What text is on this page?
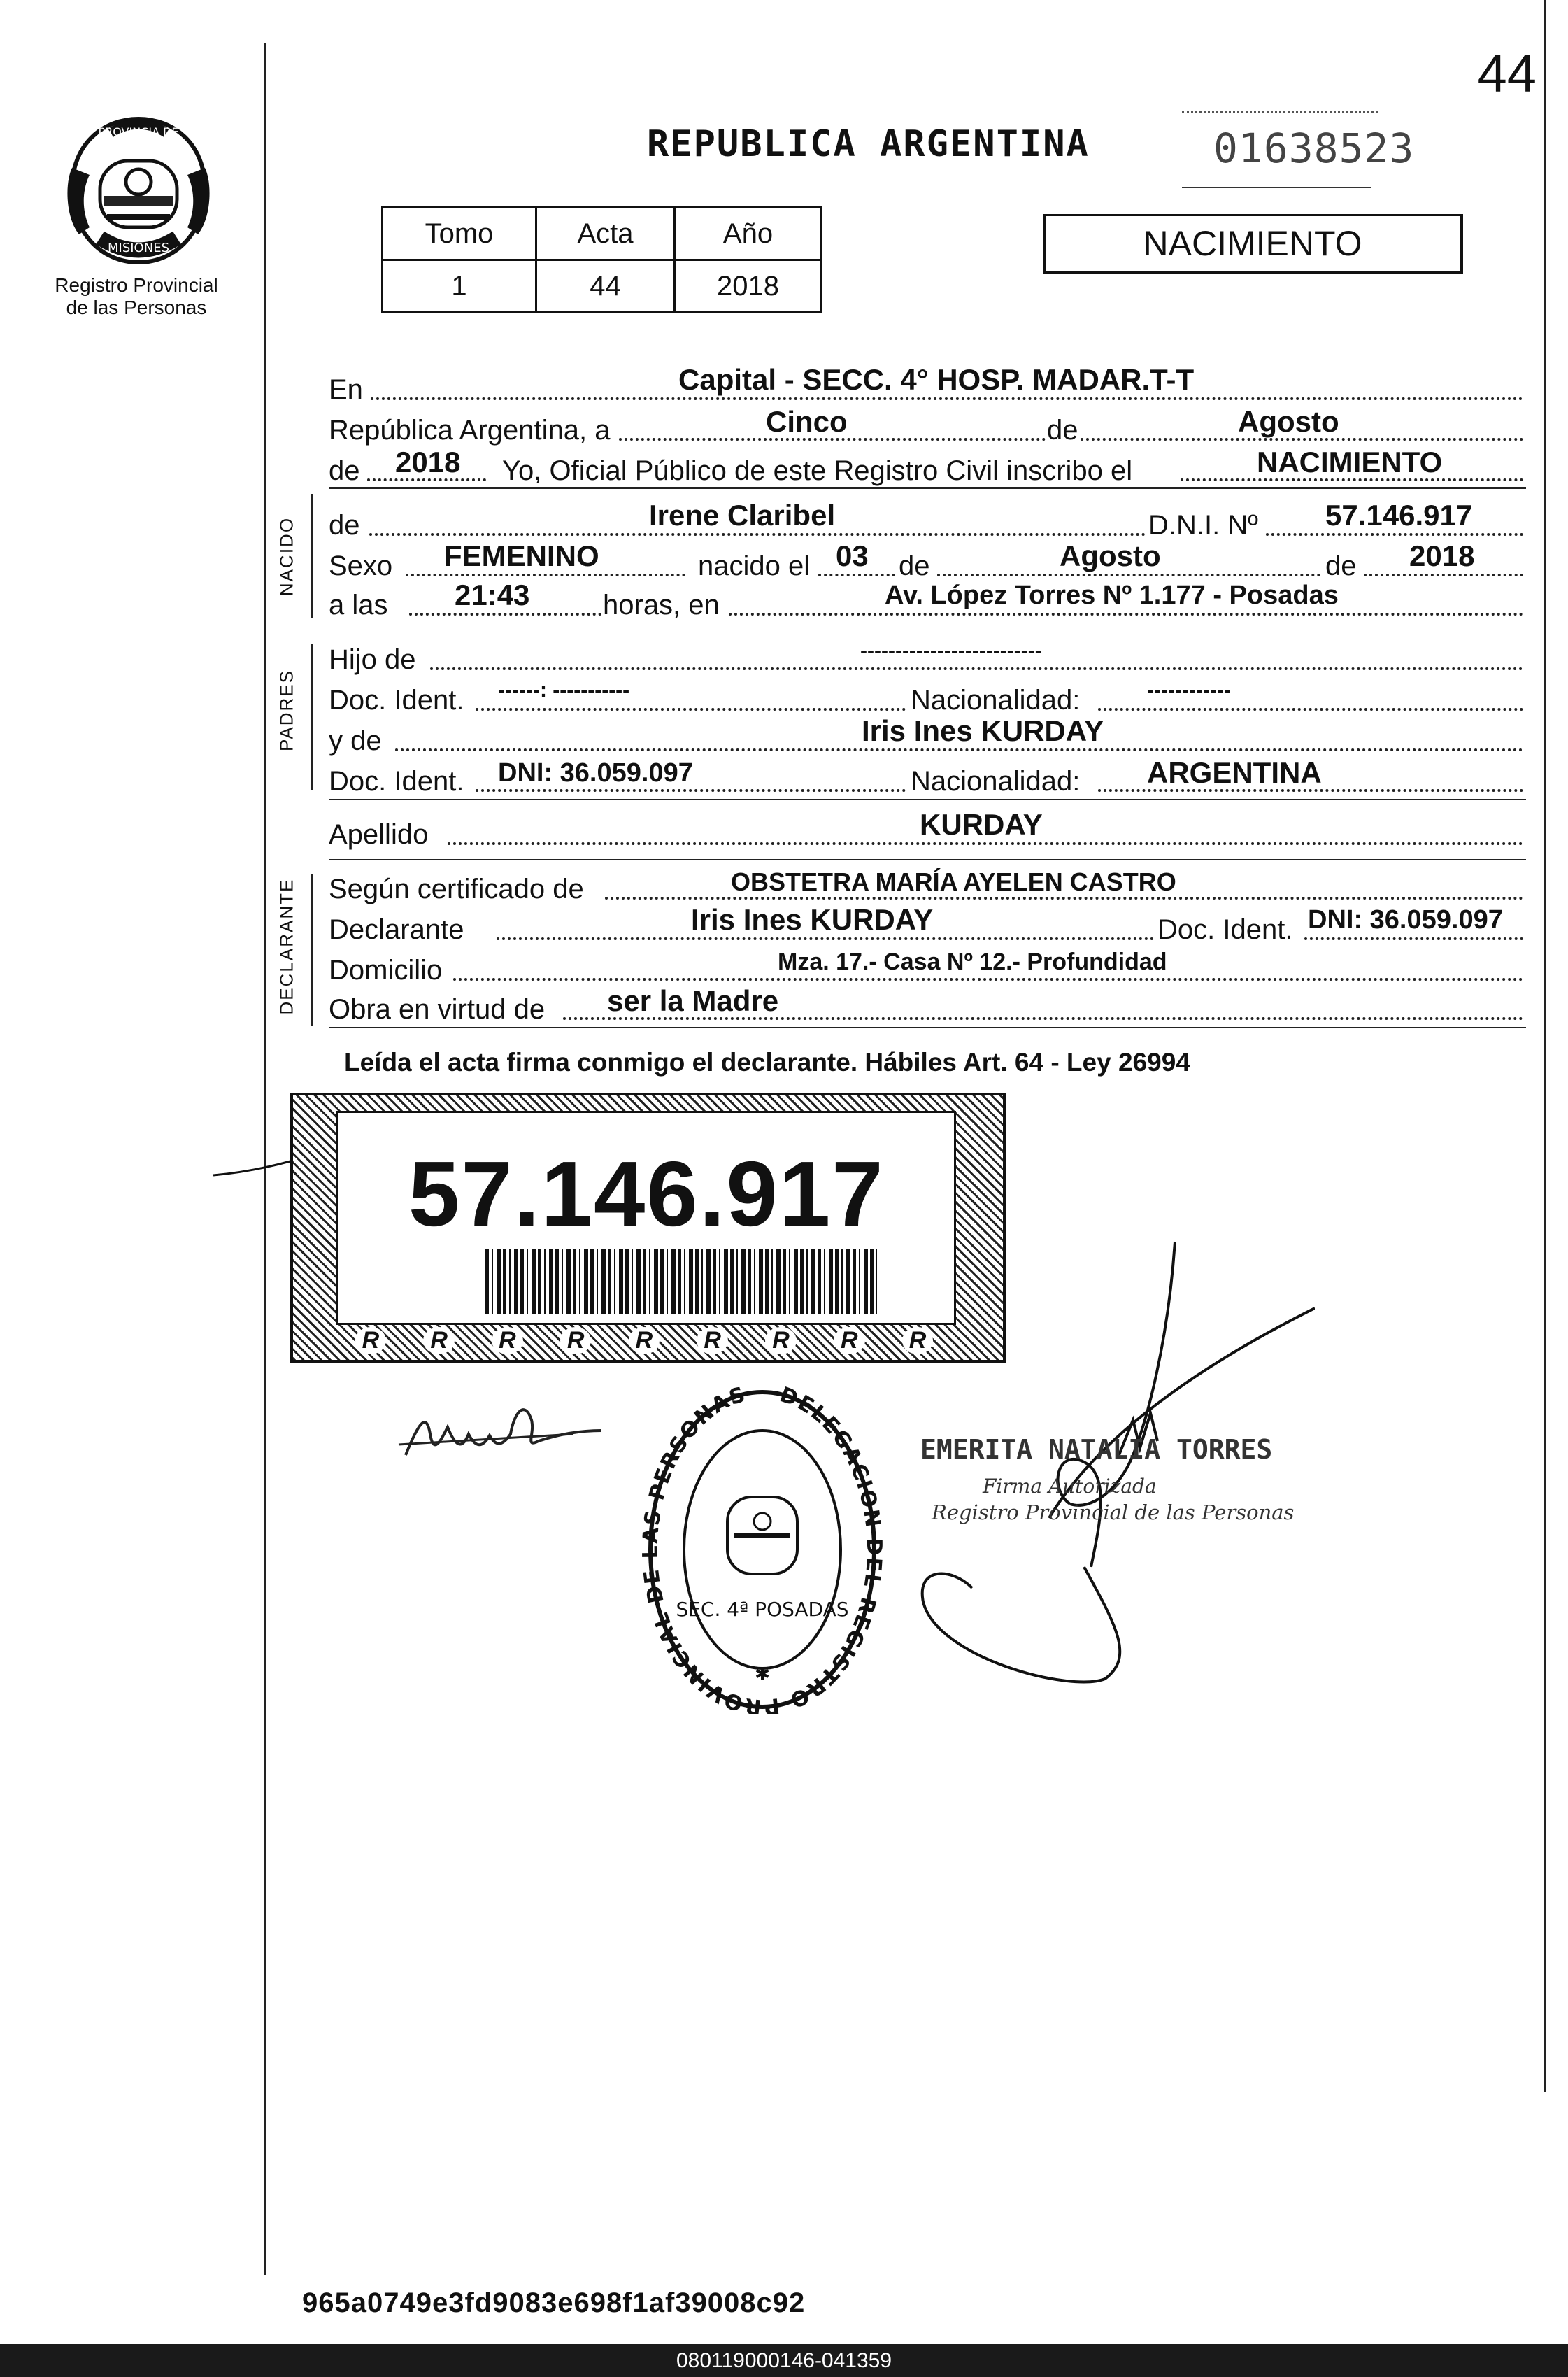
44
PROVINCIA DE
MISIONES
Registro Provincial
de las Personas
REPUBLICA ARGENTINA	01638523
Tomo	Acta	Año
1	44	2018
NACIMIENTO
En	Capital - SECC. 4° HOSP. MADAR.T-T
República Argentina, a	Cinco	de	Agosto
de 2018 Yo, Oficial Público de este Registro Civil inscribo el	NACIMIENTO
NACIDO de	Irene Claribel	D.N.I. Nº 57.146.917
Sexo FEMENINO	nacido el 03 de	Agosto	de 2018
a las 21:43	horas, en	Av. López Torres Nº 1.177 - Posadas
PADRES
Hijo de	--------------------------
Doc. Ident. ------: -----------	Nacionalidad:	------------
y de	Iris Ines KURDAY
Doc. Ident. DNI: 36.059.097	Nacionalidad: ARGENTINA
Apellido	KURDAY
DECLARANTE Según certificado de	OBSTETRA MARÍA AYELEN CASTRO
Declarante	Iris Ines KURDAY	Doc. Ident. DNI: 36.059.097
Domicilio	Mza. 17.- Casa Nº 12.- Profundidad
Obra en virtud de ser la Madre
Leída el acta firma conmigo el declarante. Hábiles Art. 64 - Ley 26994
57.146.917
R R R R R R R R R
DELEGACION DEL REGISTRO PROVINCIAL DE LAS PERSONAS
SEC. 4ª POSADAS
✱
EMERITA NATALIA TORRES
Firma Autorizada
Registro Provincial de las Personas
965a0749e3fd9083e698f1af39008c92
080119000146-041359
